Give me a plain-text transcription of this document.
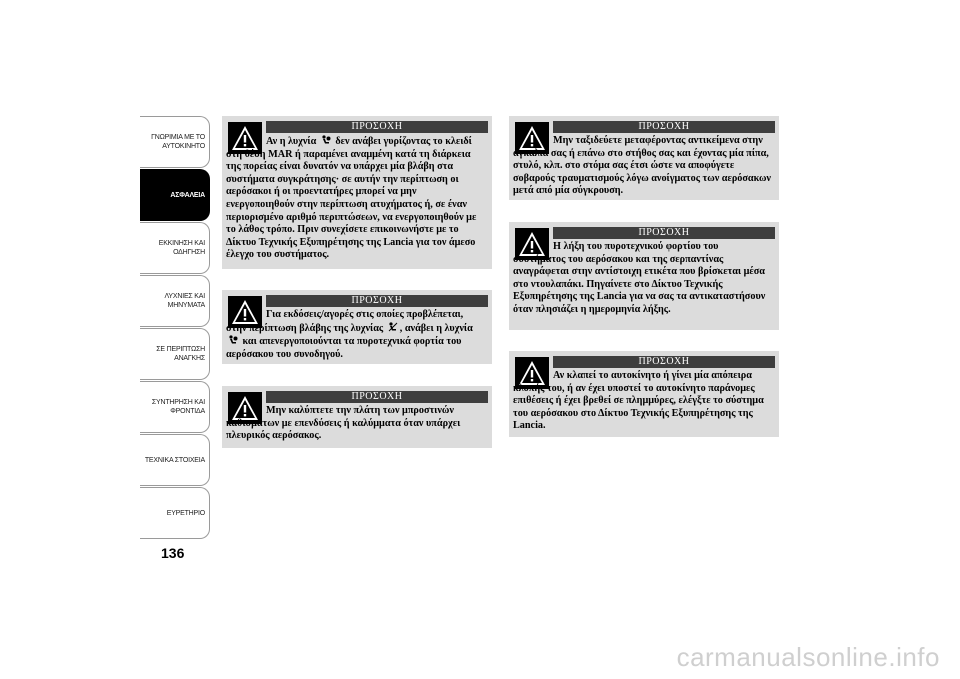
ΓΝΩΡΙΜΙΑ ΜΕ ΤΟ
ΑΥΤΟΚΙΝΗΤΟ
ΑΣΦΑΛΕΙΑ
ΕΚΚΙΝΗΣΗ ΚΑΙ
ΟΔΗΓΗΣΗ
ΛΥΧΝΙΕΣ ΚΑΙ
ΜΗΝΥΜΑΤΑ
ΣΕ ΠΕΡΙΠΤΩΣΗ
ΑΝΑΓΚΗΣ
ΣΥΝΤΗΡΗΣΗ ΚΑΙ
ΦΡΟΝΤΙΔΑ
ΤΕΧΝΙΚΑ ΣΤΟΙΧΕΙΑ
ΕΥΡΕΤΗΡΙΟ
136
ΠΡΟΣΟΧΗ
Αν η λυχνία δεν ανάβει γυρίζοντας το κλειδί στη θέση MAR ή παραμένει αναμμένη κατά τη διάρκεια της πορείας είναι δυνατόν να υπάρχει μία βλάβη στα συστήματα συγκράτησης· σε αυτήν την περίπτωση οι αερόσακοι ή οι προεντατήρες μπορεί να μην ενεργοποιηθούν στην περίπτωση ατυχήματος ή, σε έναν περιορισμένο αριθμό περιπτώσεων, να ενεργοποιηθούν με το λάθος τρόπο. Πριν συνεχίσετε επικοινωνήστε με το Δίκτυο Τεχνικής Εξυπηρέτησης της Lancia για τον άμεσο έλεγχο του συστήματος.
ΠΡΟΣΟΧΗ
Για εκδόσεις/αγορές στις οποίες προβλέπεται, στην περίπτωση βλάβης της λυχνίας , ανάβει η λυχνία  και απενεργοποιούνται τα πυροτεχνικά φορτία του αερόσακου του συνοδηγού.
ΠΡΟΣΟΧΗ
Μην καλύπτετε την πλάτη των μπροστινών καθισμάτων με επενδύσεις ή καλύμματα όταν υπάρχει πλευρικός αερόσακος.
ΠΡΟΣΟΧΗ
Μην ταξιδεύετε μεταφέροντας αντικείμενα στην αγκαλιά σας ή επάνω στο στήθος σας και έχοντας μία πίπα, στυλό, κλπ. στο στόμα σας έτσι ώστε να αποφύγετε σοβαρούς τραυματισμούς λόγω ανοίγματος των αερόσακων μετά από μία σύγκρουση.
ΠΡΟΣΟΧΗ
Η λήξη του πυροτεχνικού φορτίου του συστήματος του αερόσακου και της σερπαντίνας αναγράφεται στην αντίστοιχη ετικέτα που βρίσκεται μέσα στο ντουλαπάκι. Πηγαίνετε στο Δίκτυο Τεχνικής Εξυπηρέτησης της Lancia για να σας τα αντικαταστήσουν όταν πλησιάζει η ημερομηνία λήξης.
ΠΡΟΣΟΧΗ
Αν κλαπεί το αυτοκίνητο ή γίνει μία απόπειρα κλοπής του, ή αν έχει υποστεί το αυτοκίνητο παράνομες επιθέσεις ή έχει βρεθεί σε πλημμύρες, ελέγξτε το σύστημα του αερόσακου στο Δίκτυο Τεχνικής Εξυπηρέτησης της Lancia.
carmanualsonline.info
